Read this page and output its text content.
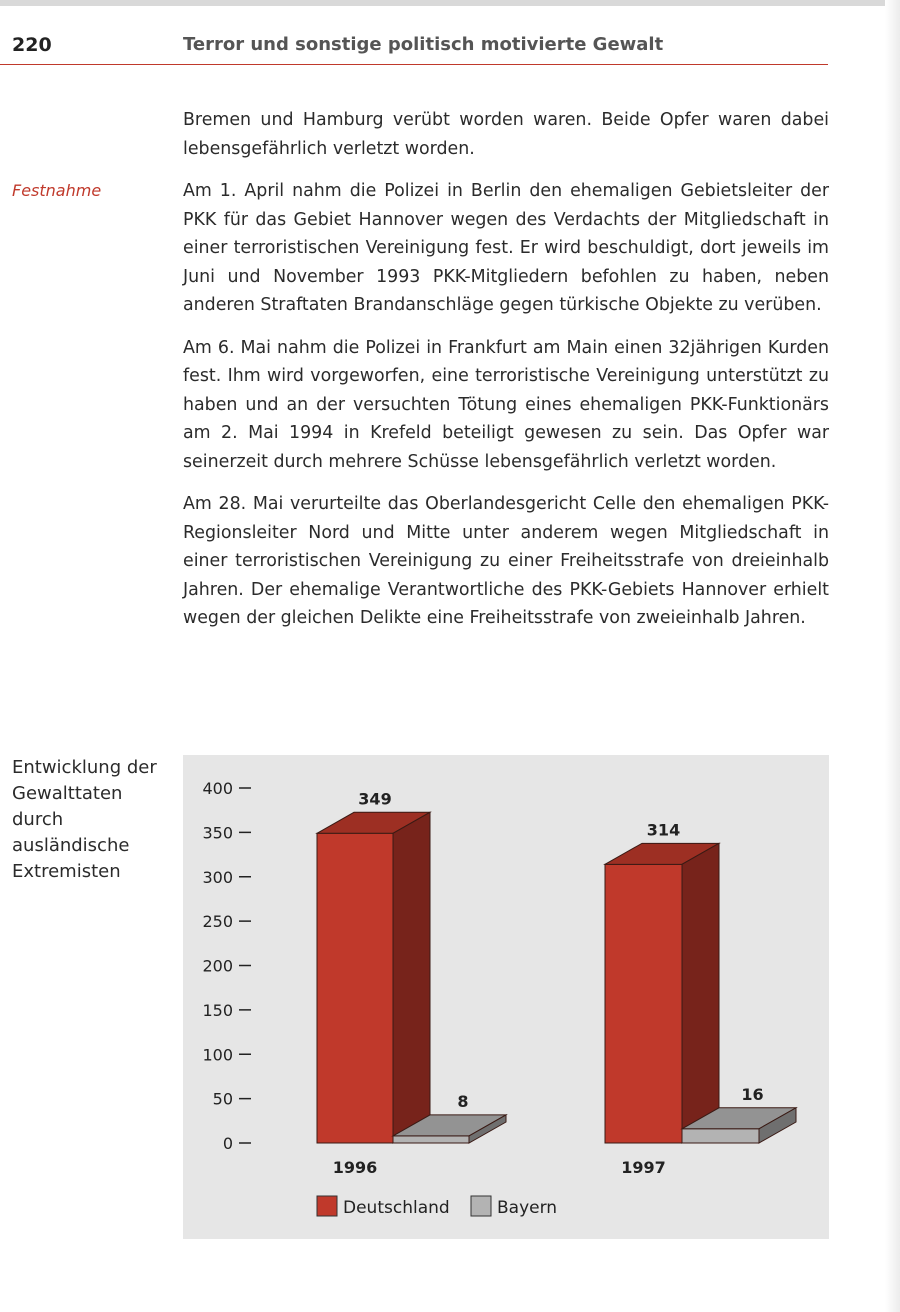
220	Terror und sonstige politisch motivierte Gewalt
Festnahme

Bremen und Hamburg verübt worden waren. Beide Opfer waren dabei lebensgefährlich verletzt worden.

Am 1. April nahm die Polizei in Berlin den ehemaligen Gebietsleiter der PKK für das Gebiet Hannover wegen des Verdachts der Mitgliedschaft in einer terroristischen Vereinigung fest. Er wird beschuldigt, dort jeweils im Juni und November 1993 PKK-Mitgliedern befohlen zu haben, neben anderen Straftaten Brandanschläge gegen türkische Objekte zu verüben.

Am 6. Mai nahm die Polizei in Frankfurt am Main einen 32jährigen Kurden fest. Ihm wird vorgeworfen, eine terroristische Vereinigung unterstützt zu haben und an der versuchten Tötung eines ehemaligen PKK-Funktionärs am 2. Mai 1994 in Krefeld beteiligt gewesen zu sein. Das Opfer war seinerzeit durch mehrere Schüsse lebensgefährlich verletzt worden.

Am 28. Mai verurteilte das Oberlandesgericht Celle den ehemaligen PKK-Regionsleiter Nord und Mitte unter anderem wegen Mitgliedschaft in einer terroristischen Vereinigung zu einer Freiheitsstrafe von dreieinhalb Jahren. Der ehemalige Verantwortliche des PKK-Gebiets Hannover erhielt wegen der gleichen Delikte eine Freiheitsstrafe von zweieinhalb Jahren.

Entwicklung der Gewalttaten durch ausländische Extremisten
0
50
100
150
200
250
300
350
400
349
8
1996
314
16
1997
Deutschland	Bayern
